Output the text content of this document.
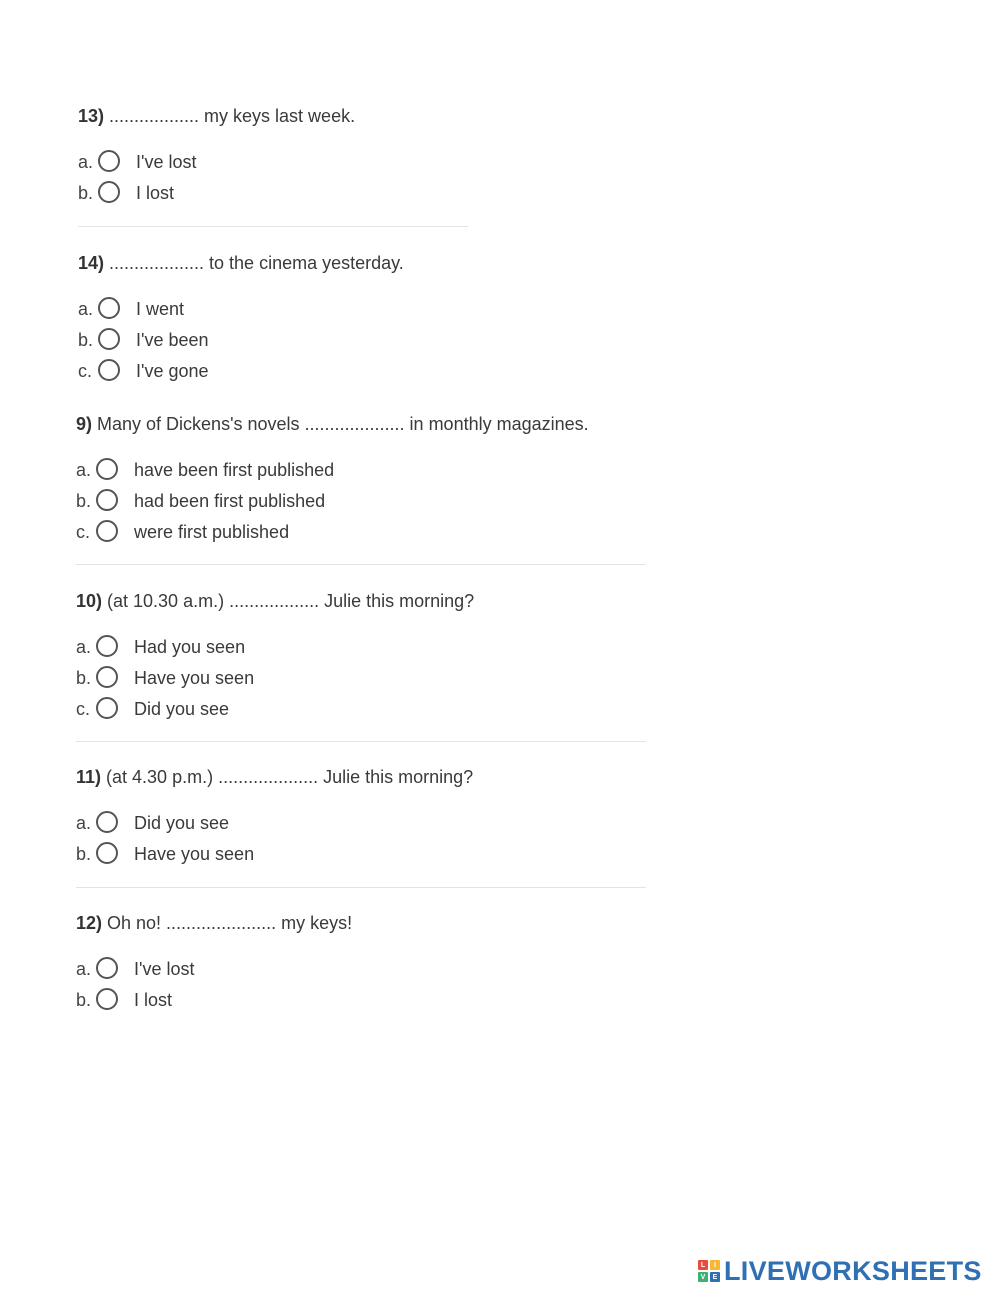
13) .................. my keys last week.
a. I've lost
b. I lost
14) ................... to the cinema yesterday.
a. I went
b. I've been
c. I've gone
9) Many of Dickens's novels .................... in monthly magazines.
a. have been first published
b. had been first published
c. were first published
10) (at 10.30 a.m.) .................. Julie this morning?
a. Had you seen
b. Have you seen
c. Did you see
11) (at 4.30 p.m.) .................... Julie this morning?
a. Did you see
b. Have you seen
12) Oh no! ...................... my keys!
a. I've lost
b. I lost
L	I
V	E LIVEWORKSHEETS
